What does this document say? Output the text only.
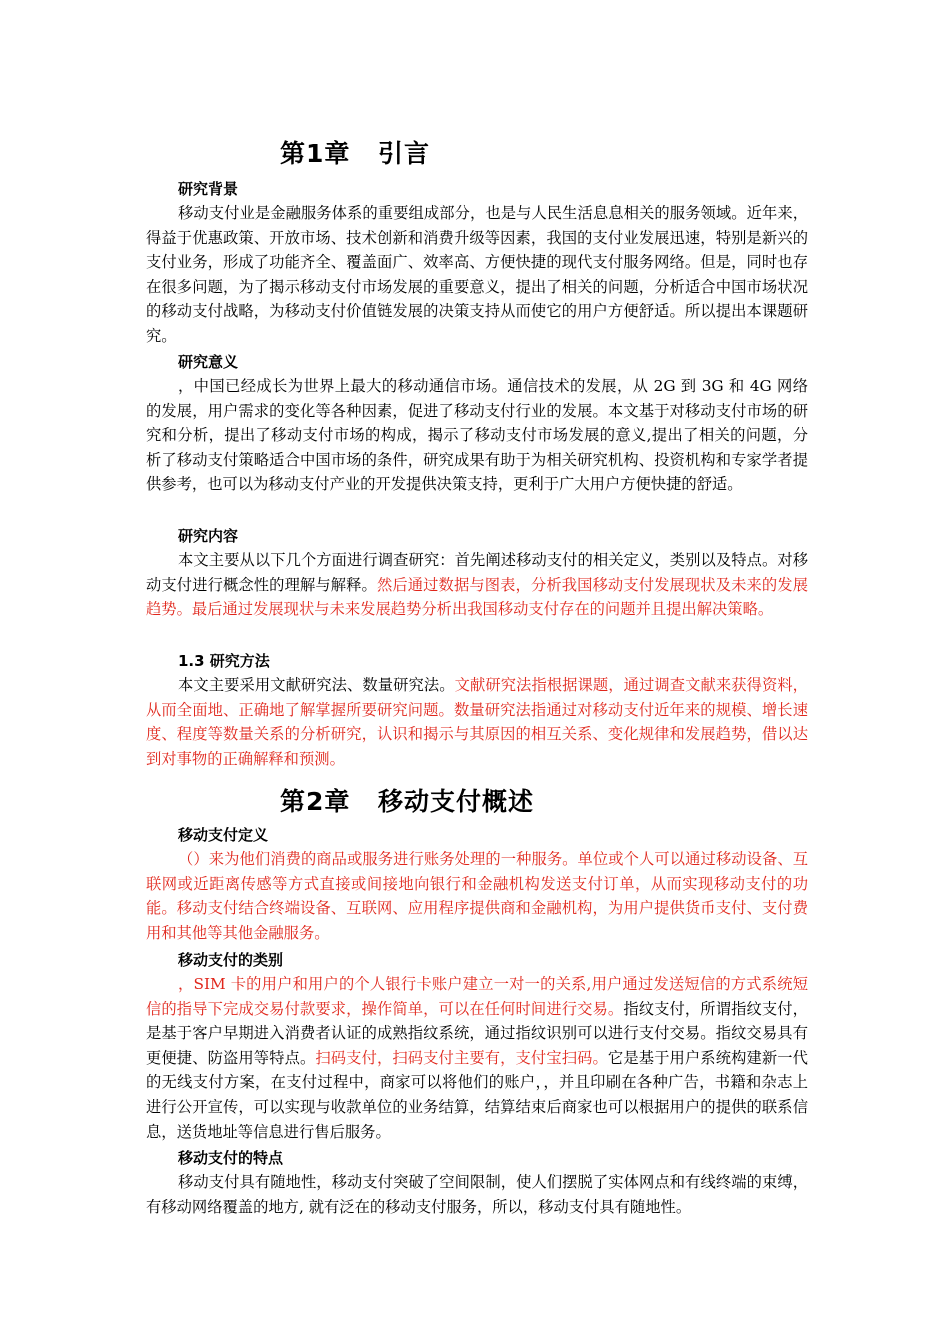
第1章 引言
研究背景

移动支付业是金融服务体系的重要组成部分，也是与人民生活息息相关的服务领域。近年来，得益于优惠政策、开放市场、技术创新和消费升级等因素，我国的支付业发展迅速，特别是新兴的支付业务，形成了功能齐全、覆盖面广、效率高、方便快捷的现代支付服务网络。但是，同时也存在很多问题，为了揭示移动支付市场发展的重要意义，提出了相关的问题，分析适合中国市场状况的移动支付战略，为移动支付价值链发展的决策支持从而使它的用户方便舒适。所以提出本课题研究。

研究意义

，中国已经成长为世界上最大的移动通信市场。通信技术的发展，从 2G 到 3G 和 4G 网络的发展，用户需求的变化等各种因素，促进了移动支付行业的发展。本文基于对移动支付市场的研究和分析，提出了移动支付市场的构成，揭示了移动支付市场发展的意义,提出了相关的问题，分析了移动支付策略适合中国市场的条件，研究成果有助于为相关研究机构、投资机构和专家学者提供参考，也可以为移动支付产业的开发提供决策支持，更利于广大用户方便快捷的舒适。

研究内容

本文主要从以下几个方面进行调查研究：首先阐述移动支付的相关定义，类别以及特点。对移动支付进行概念性的理解与解释。然后通过数据与图表，分析我国移动支付发展现状及未来的发展趋势。最后通过发展现状与未来发展趋势分析出我国移动支付存在的问题并且提出解决策略。

1.3 研究方法

本文主要采用文献研究法、数量研究法。文献研究法指根据课题，通过调查文献来获得资料，从而全面地、正确地了解掌握所要研究问题。数量研究法指通过对移动支付近年来的规模、增长速度、程度等数量关系的分析研究，认识和揭示与其原因的相互关系、变化规律和发展趋势，借以达到对事物的正确解释和预测。

第2章 移动支付概述
移动支付定义

（）来为他们消费的商品或服务进行账务处理的一种服务。单位或个人可以通过移动设备、互联网或近距离传感等方式直接或间接地向银行和金融机构发送支付订单，从而实现移动支付的功能。移动支付结合终端设备、互联网、应用程序提供商和金融机构，为用户提供货币支付、支付费用和其他等其他金融服务。

移动支付的类别

，SIM 卡的用户和用户的个人银行卡账户建立一对一的关系,用户通过发送短信的方式系统短信的指导下完成交易付款要求，操作简单，可以在任何时间进行交易。指纹支付，所谓指纹支付，是基于客户早期进入消费者认证的成熟指纹系统，通过指纹识别可以进行支付交易。指纹交易具有更便捷、防盗用等特点。扫码支付，扫码支付主要有，支付宝扫码。它是基于用户系统构建新一代的无线支付方案，在支付过程中，商家可以将他们的账户，，并且印刷在各种广告，书籍和杂志上进行公开宣传，可以实现与收款单位的业务结算，结算结束后商家也可以根据用户的提供的联系信息，送货地址等信息进行售后服务。

移动支付的特点

移动支付具有随地性，移动支付突破了空间限制，使人们摆脱了实体网点和有线终端的束缚，有移动网络覆盖的地方, 就有泛在的移动支付服务，所以，移动支付具有随地性。
